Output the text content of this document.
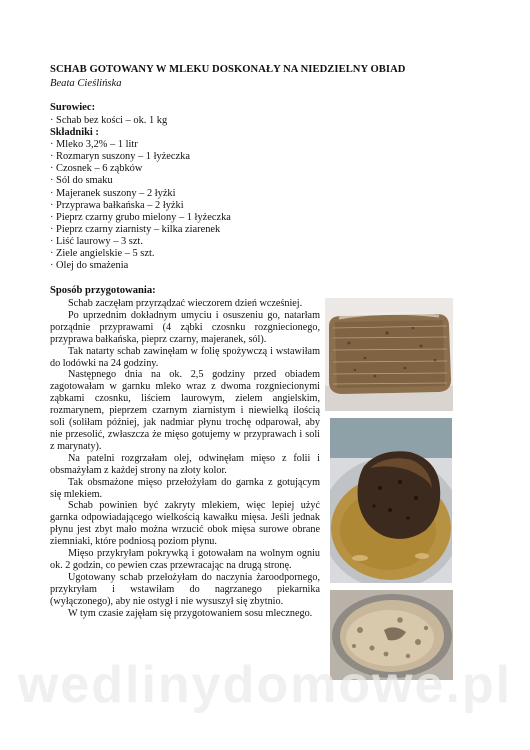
SCHAB GOTOWANY W MLEKU DOSKONAŁY NA NIEDZIELNY OBIAD
Beata Cieślińska
Surowiec:
· Schab bez kości – ok. 1 kg
Składniki :
· Mleko 3,2% – 1 litr
· Rozmaryn suszony – 1 łyżeczka
· Czosnek – 6 ząbków
· Sól do smaku
· Majeranek suszony – 2 łyżki
· Przyprawa bałkańska – 2 łyżki
· Pieprz czarny grubo mielony – 1 łyżeczka
· Pieprz czarny ziarnisty – kilka ziarenek
· Liść laurowy – 3 szt.
· Ziele angielskie – 5 szt.
· Olej do smażenia
Sposób przygotowania:

Schab zaczęłam przyrządzać wieczorem dzień wcześniej.

Po uprzednim dokładnym umyciu i osuszeniu go, natarłam porządnie przyprawami (4 ząbki czosnku rozgniecionego, przyprawa bałkańska, pieprz czarny, majeranek, sól).

Tak natarty schab zawinęłam w folię spożywczą i wstawiłam do lodówki na 24 godziny.

Następnego dnia na ok. 2,5 godziny przed obiadem zagotowałam w garnku mleko wraz z dwoma rozgniecionymi ząbkami czosnku, liściem laurowym, zielem angielskim, rozmarynem, pieprzem czarnym ziarnistym i niewielką ilością soli (soliłam później, jak nadmiar płynu trochę odparował, aby nie przesolić, zwłaszcza że mięso gotujemy w przyprawach i soli z marynaty).

Na patelni rozgrzałam olej, odwinęłam mięso z folii i obsmażyłam z każdej strony na złoty kolor.

Tak obsmażone mięso przełożyłam do garnka z gotującym się mlekiem.

Schab powinien być zakryty mlekiem, więc lepiej użyć garnka odpowiadającego wielkością kawałku mięsa. Jeśli jednak płynu jest zbyt mało można wrzucić obok mięsa surowe obrane ziemniaki, które podniosą poziom płynu.

Mięso przykryłam pokrywką i gotowałam na wolnym ogniu ok. 2 godzin, co pewien czas przewracając na drugą stronę.

Ugotowany schab przełożyłam do naczynia żaroodpornego, przykryłam i wstawiłam do nagrzanego piekarnika (wyłączonego), aby nie ostygł i nie wysuszył się zbytnio.

W tym czasie zajęłam się przygotowaniem sosu mlecznego.

wedlinydomowe.pl
